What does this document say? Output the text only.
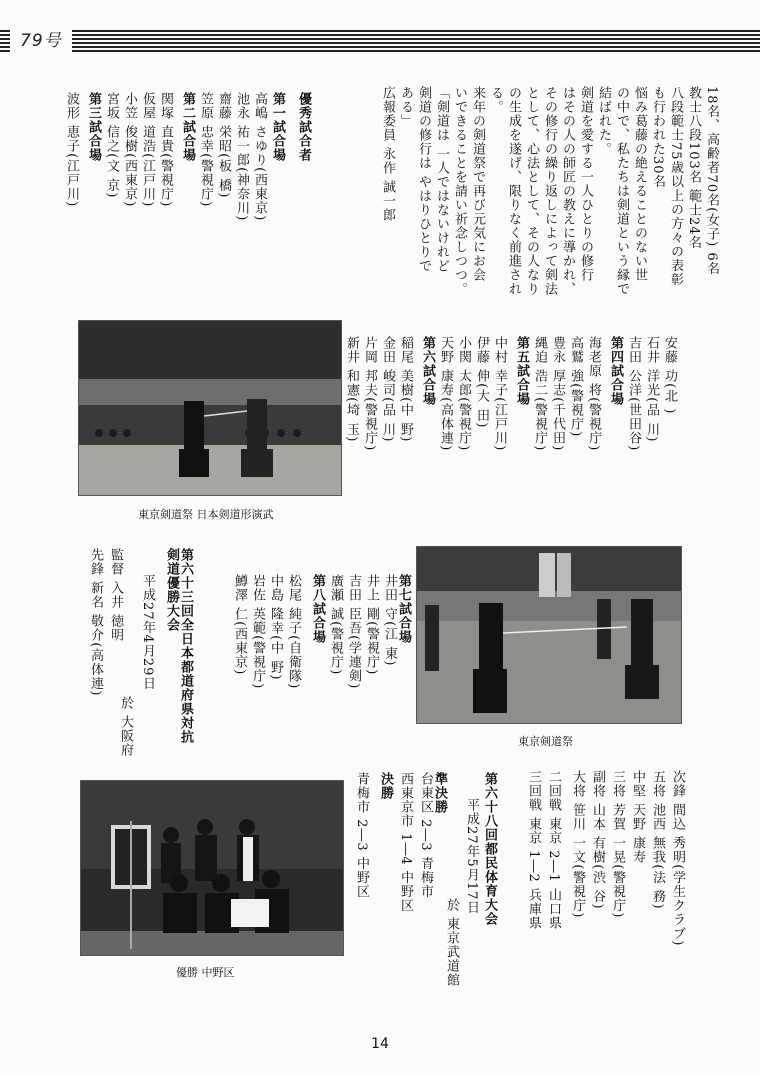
79号
18名、高齢者70名(女子) 6名
教士八段103名 範士24名
八段範士75歳以上の方々の表彰
も行われた30名
悩み葛藤の絶えることのない世
の中で、私たちは剣道という縁で
結ばれた。
剣道を愛する一人ひとりの修行
はその人の師匠の教えに導かれ、
その修行の繰り返しによって剣法
として、心法として、その人なり
の生成を遂げ、限りなく前進され
る。
来年の剣道祭で再び元気にお会
いできることを請い祈念しつつ。
「剣道は 一人ではないけれど
剣道の修行は やはりひとりで
ある」
広報委員 永作 誠一郎
優秀試合者
第一試合場
高嶋 さゆり(西東京)
池永 祐一郎(神奈川)
齋藤 栄昭(板 橋)
笠原 忠幸(警視庁)
第二試合場
関塚 直貴(警視庁)
仮屋 道浩(江戸川)
小笠 俊樹(西東京)
宮坂 信之(文 京)
第三試合場
波形 恵子(江戸川)
東京剣道祭 日本剣道形演武
安藤 功(北 )
石井 洋光(品 川)
吉田 公洋(世田谷)
第四試合場
海老原 将(警視庁)
高鷲 強(警視庁)
豊永 厚志(千代田)
縄迫 浩二(警視庁)
第五試合場
中村 幸子(江戸川)
伊藤 伸(大 田)
小関 太郎(警視庁)
天野 康寿(高体連)
第六試合場
稲尾 美樹(中 野)
金田 峻司(品 川)
片岡 邦夫(警視庁)
新井 和憲(埼 玉)
東京剣道祭
第七試合場
井田 守(江 東)
井上 剛(警視庁)
吉田 臣吾(学連剣)
廣瀬 誠(警視庁)
第八試合場
松尾 純子(自衛隊)
中島 隆幸(中 野)
岩佐 英範(警視庁)
鱒澤 仁(西東京)
第六十三回全日本都道府県対抗
剣道優勝大会
平成27年4月29日
於 大阪府
監督 入井 徳明
先鋒 新名 敬介(高体連)
次鋒 間込 秀明(学生クラブ)
五将 池西 無我(法 務)
中堅 天野 康寿
三将 芳賀 一晃(警視庁)
副将 山本 有樹(渋 谷)
大将 笹川 一文(警視庁)
二回戦 東京 2―1 山口県
三回戦 東京 1―2 兵庫県
第六十八回都民体育大会
平成27年5月17日
於 東京武道館
準決勝
台東区 2―3 青梅市
西東京市 1―4 中野区
決勝
青梅市 2―3 中野区
優勝 中野区
14
